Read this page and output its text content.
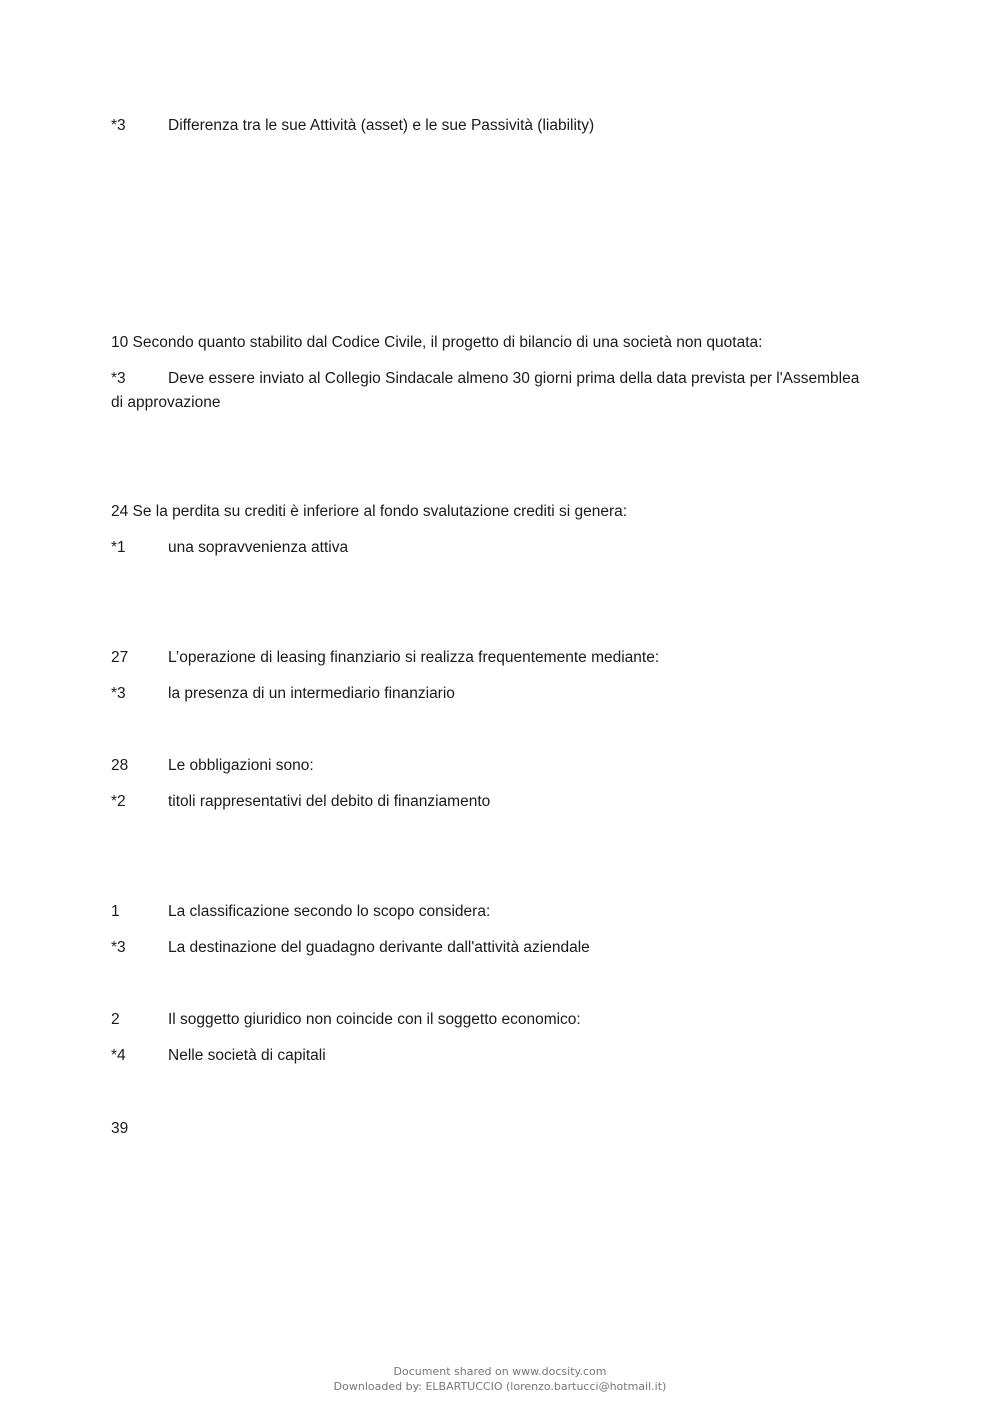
*3	Differenza tra le sue Attività (asset) e le sue Passività (liability)
10 Secondo quanto stabilito dal Codice Civile, il progetto di bilancio di una società non quotata:
*3	Deve essere inviato al Collegio Sindacale almeno 30 giorni prima della data prevista per l'Assemblea
di approvazione
24 Se la perdita su crediti è inferiore al fondo svalutazione crediti si genera:
*1	una sopravvenienza attiva
27	L’operazione di leasing finanziario si realizza frequentemente mediante:
*3	la presenza di un intermediario finanziario
28	Le obbligazioni sono:
*2	titoli rappresentativi del debito di finanziamento
1	La classificazione secondo lo scopo considera:
*3	La destinazione del guadagno derivante dall'attività aziendale
2	Il soggetto giuridico non coincide con il soggetto economico:
*4	Nelle società di capitali
39
Document shared on www.docsity.com
Downloaded by: ELBARTUCCIO (lorenzo.bartucci@hotmail.it)
